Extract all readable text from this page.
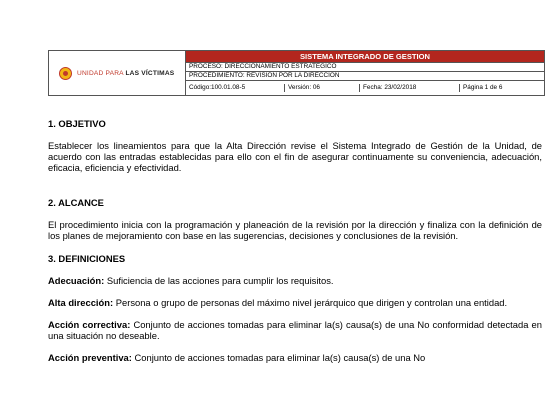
UNIDAD PARA LAS VÍCTIMAS
	SISTEMA INTEGRADO DE GESTION
PROCESO: DIRECCIONAMIENTO ESTRATEGICO
PROCEDIMIENTO: REVISION POR LA DIRECCION

Código:100.01.08-5	Versión: 06	Fecha: 23/02/2018	Página 1 de 6

1. OBJETIVO

Establecer los lineamientos para que la Alta Dirección revise el Sistema Integrado de Gestión de la Unidad, de acuerdo con las entradas establecidas para ello con el fin de asegurar continuamente su conveniencia, adecuación, eficacia, eficiencia y efectividad.

2. ALCANCE

El procedimiento inicia con la programación y planeación de la revisión por la dirección y finaliza con la definición de los planes de mejoramiento con base en las sugerencias, decisiones y conclusiones de la revisión.

3. DEFINICIONES

Adecuación: Suficiencia de las acciones para cumplir los requisitos.

Alta dirección: Persona o grupo de personas del máximo nivel jerárquico que dirigen y controlan una entidad.

Acción correctiva: Conjunto de acciones tomadas para eliminar la(s) causa(s) de una No conformidad detectada en una situación no deseable.

Acción preventiva: Conjunto de acciones tomadas para eliminar la(s) causa(s) de una No
